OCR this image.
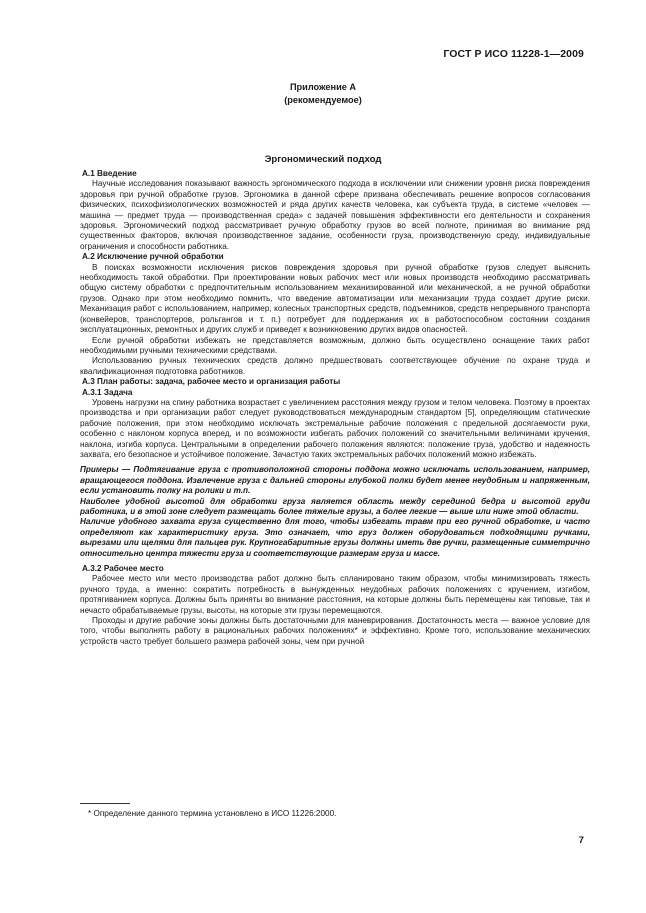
ГОСТ Р ИСО 11228-1—2009
Приложение А
(рекомендуемое)
Эргономический подход

А.1 Введение

Научные исследования показывают важность эргономического подхода в исключении или снижении уровня риска повреждения здоровья при ручной обработке грузов. Эргономика в данной сфере призвана обеспечивать решение вопросов согласования физических, психофизиологических возможностей и ряда других качеств человека, как субъекта труда, в системе «человек — машина — предмет труда — производственная среда» с задачей повышения эффективности его деятельности и сохранения здоровья. Эргономический подход рассматривает ручную обработку грузов во всей полноте, принимая во внимание ряд существенных факторов, включая производственное задание, особенности груза, производственную среду, индивидуальные ограничения и способности работника.

А.2 Исключение ручной обработки

В поисках возможности исключения рисков повреждения здоровья при ручной обработке грузов следует выяснить необходимость такой обработки. При проектировании новых рабочих мест или новых производств необходимо рассматривать общую систему обработки с предпочтительным использованием механизированной или механической, а не ручной обработки грузов. Однако при этом необходимо помнить, что введение автоматизации или механизации труда создает другие риски. Механизация работ с использованием, например, колесных транспортных средств, подъемников, средств непрерывного транспорта (конвейеров, транспортеров, рольгангов и т. п.) потребует для поддержания их в работоспособном состоянии создания эксплуатационных, ремонтных и других служб и приведет к возникновению других видов опасностей.

Если ручной обработки избежать не представляется возможным, должно быть осуществлено оснащение таких работ необходимыми ручными техническими средствами.

Использованию ручных технических средств должно предшествовать соответствующее обучение по охране труда и квалификационная подготовка работников.

А.3 План работы: задача, рабочее место и организация работы

А.3.1 Задача

Уровень нагрузки на спину работника возрастает с увеличением расстояния между грузом и телом человека. Поэтому в проектах производства и при организации работ следует руководствоваться международным стандартом [5], определяющим статические рабочие положения, при этом необходимо исключать экстремальные рабочие положения с предельной досягаемости руки, особенно с наклоном корпуса вперед, и по возможности избегать рабочих положений со значительными величинами кручения, наклона, изгиба корпуса. Центральными в определении рабочего положения являются: положение груза, удобство и надежность захвата, его безопасное и устойчивое положение. Зачастую таких экстремальных рабочих положений можно избежать.

Примеры — Подтягивание груза с противоположной стороны поддона можно исключать использованием, например, вращающегося поддона. Извлечение груза с дальней стороны глубокой полки будет менее неудобным и напряженным, если установить полку на ролики и т.п.

Наиболее удобной высотой для обработки груза является область между серединой бедра и высотой груди работника, и в этой зоне следует размещать более тяжелые грузы, а более легкие — выше или ниже этой области.

Наличие удобного захвата груза существенно для того, чтобы избегать травм при его ручной обработке, и часто определяют как характеристику груза. Это означает, что груз должен оборудоваться подходящими ручками, вырезами или щелями для пальцев рук. Крупногабаритные грузы должны иметь две ручки, размещенные симметрично относительно центра тяжести груза и соответствующие размерам груза и массе.

А.3.2 Рабочее место

Рабочее место или место производства работ должно быть спланировано таким образом, чтобы минимизировать тяжесть ручного труда, а именно: сократить потребность в вынужденных неудобных рабочих положениях с кручением, изгибом, протягиванием корпуса. Должны быть приняты во внимание расстояния, на которые должны быть перемещены как типовые, так и нечасто обрабатываемые грузы, высоты, на которые эти грузы перемещаются.

Проходы и другие рабочие зоны должны быть достаточными для маневрирования. Достаточность места — важное условие для того, чтобы выполнять работу в рациональных рабочих положениях* и эффективно. Кроме того, использование механических устройств часто требует большего размера рабочей зоны, чем при ручной

* Определение данного термина установлено в ИСО 11226:2000.
7
